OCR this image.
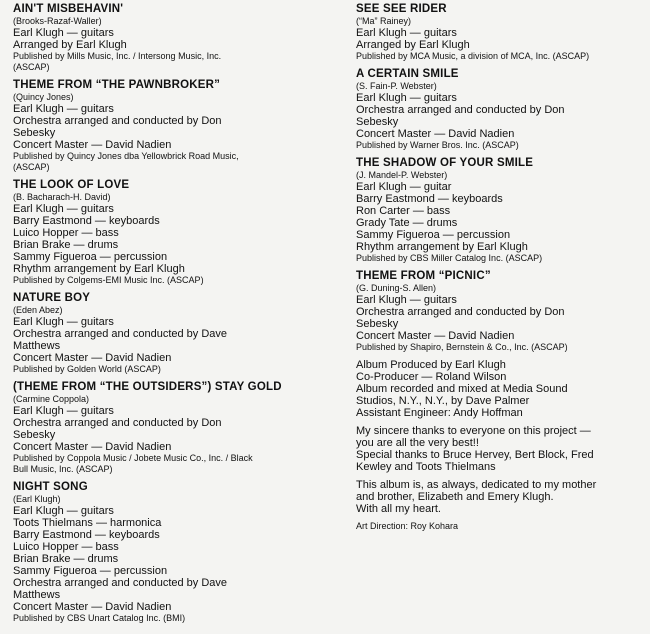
AIN'T MISBEHAVIN'
(Brooks-Razaf-Waller)
Earl Klugh — guitars
Arranged by Earl Klugh
Published by Mills Music, Inc. / Intersong Music, Inc.
(ASCAP)
THEME FROM “THE PAWNBROKER”
(Quincy Jones)
Earl Klugh — guitars
Orchestra arranged and conducted by Don
Sebesky
Concert Master — David Nadien
Published by Quincy Jones dba Yellowbrick Road Music,
(ASCAP)
THE LOOK OF LOVE
(B. Bacharach-H. David)
Earl Klugh — guitars
Barry Eastmond — keyboards
Luico Hopper — bass
Brian Brake — drums
Sammy Figueroa — percussion
Rhythm arrangement by Earl Klugh
Published by Colgems-EMI Music Inc. (ASCAP)
NATURE BOY
(Eden Abez)
Earl Klugh — guitars
Orchestra arranged and conducted by Dave
Matthews
Concert Master — David Nadien
Published by Golden World (ASCAP)
(THEME FROM “THE OUTSIDERS”) STAY GOLD
(Carmine Coppola)
Earl Klugh — guitars
Orchestra arranged and conducted by Don
Sebesky
Concert Master — David Nadien
Published by Coppola Music / Jobete Music Co., Inc. / Black
Bull Music, Inc. (ASCAP)
NIGHT SONG
(Earl Klugh)
Earl Klugh — guitars
Toots Thielmans — harmonica
Barry Eastmond — keyboards
Luico Hopper — bass
Brian Brake — drums
Sammy Figueroa — percussion
Orchestra arranged and conducted by Dave
Matthews
Concert Master — David Nadien
Published by CBS Unart Catalog Inc. (BMI)
SEE SEE RIDER
(“Ma” Rainey)
Earl Klugh — guitars
Arranged by Earl Klugh
Published by MCA Music, a division of MCA, Inc. (ASCAP)
A CERTAIN SMILE
(S. Fain-P. Webster)
Earl Klugh — guitars
Orchestra arranged and conducted by Don
Sebesky
Concert Master — David Nadien
Published by Warner Bros. Inc. (ASCAP)
THE SHADOW OF YOUR SMILE
(J. Mandel-P. Webster)
Earl Klugh — guitar
Barry Eastmond — keyboards
Ron Carter — bass
Grady Tate — drums
Sammy Figueroa — percussion
Rhythm arrangement by Earl Klugh
Published by CBS Miller Catalog Inc. (ASCAP)
THEME FROM “PICNIC”
(G. Duning-S. Allen)
Earl Klugh — guitars
Orchestra arranged and conducted by Don
Sebesky
Concert Master — David Nadien
Published by Shapiro, Bernstein & Co., Inc. (ASCAP)
Album Produced by Earl Klugh
Co-Producer — Roland Wilson
Album recorded and mixed at Media Sound
Studios, N.Y., N.Y., by Dave Palmer
Assistant Engineer: Andy Hoffman
My sincere thanks to everyone on this project —
you are all the very best!!
Special thanks to Bruce Hervey, Bert Block, Fred
Kewley and Toots Thielmans
This album is, as always, dedicated to my mother
and brother, Elizabeth and Emery Klugh.
With all my heart.
Art Direction: Roy Kohara
